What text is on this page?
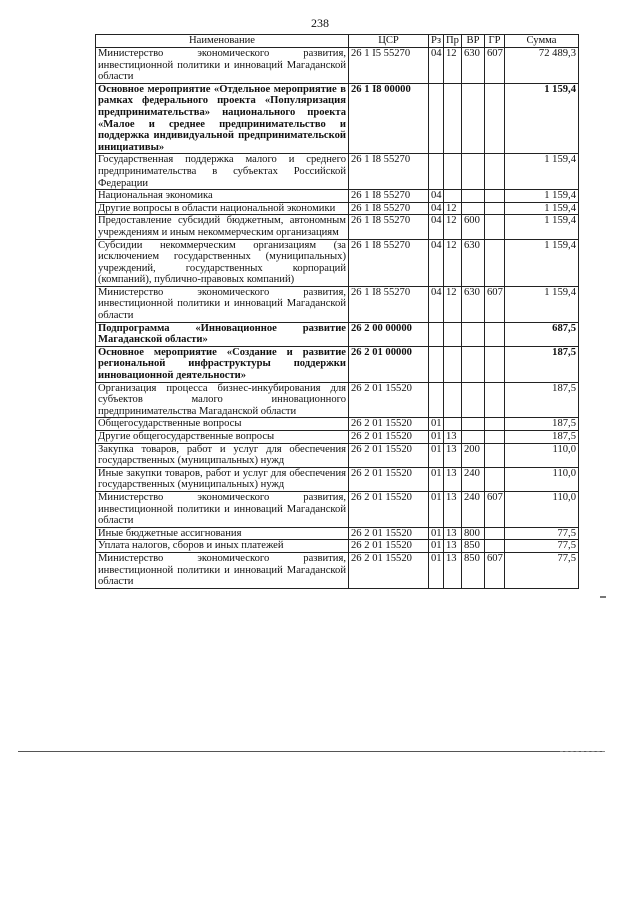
238
Наименование	ЦСР	Рз	Пр	ВР	ГР	Сумма
Министерство экономического развития, инвестиционной политики и инноваций Магаданской области	26 1 I5 55270	04	12	630	607	72 489,3
Основное мероприятие «Отдельное мероприятие в рамках федерального проекта «Популяризация предпринимательства» национального проекта «Малое и среднее предпринимательство и поддержка индивидуальной предпринимательской инициативы»	26 1 I8 00000					1 159,4
Государственная поддержка малого и среднего предпринимательства в субъектах Российской Федерации	26 1 I8 55270					1 159,4
Национальная экономика	26 1 I8 55270	04				1 159,4
Другие вопросы в области национальной экономики	26 1 I8 55270	04	12			1 159,4
Предоставление субсидий бюджетным, автономным учреждениям и иным некоммерческим организациям	26 1 I8 55270	04	12	600		1 159,4
Субсидии некоммерческим организациям (за исключением государственных (муниципальных) учреждений, государственных корпораций (компаний), публично-правовых компаний)	26 1 I8 55270	04	12	630		1 159,4
Министерство экономического развития, инвестиционной политики и инноваций Магаданской области	26 1 I8 55270	04	12	630	607	1 159,4
Подпрограмма «Инновационное развитие Магаданской области»	26 2 00 00000					687,5
Основное мероприятие «Создание и развитие региональной инфраструктуры поддержки инновационной деятельности»	26 2 01 00000					187,5
Организация процесса бизнес-инкубирования для субъектов малого инновационного предпринимательства Магаданской области	26 2 01 15520					187,5
Общегосударственные вопросы	26 2 01 15520	01				187,5
Другие общегосударственные вопросы	26 2 01 15520	01	13			187,5
Закупка товаров, работ и услуг для обеспечения государственных (муниципальных) нужд	26 2 01 15520	01	13	200		110,0
Иные закупки товаров, работ и услуг для обеспечения государственных (муниципальных) нужд	26 2 01 15520	01	13	240		110,0
Министерство экономического развития, инвестиционной политики и инноваций Магаданской области	26 2 01 15520	01	13	240	607	110,0
Иные бюджетные ассигнования	26 2 01 15520	01	13	800		77,5
Уплата налогов, сборов и иных платежей	26 2 01 15520	01	13	850		77,5
Министерство экономического развития, инвестиционной политики и инноваций Магаданской области	26 2 01 15520	01	13	850	607	77,5
